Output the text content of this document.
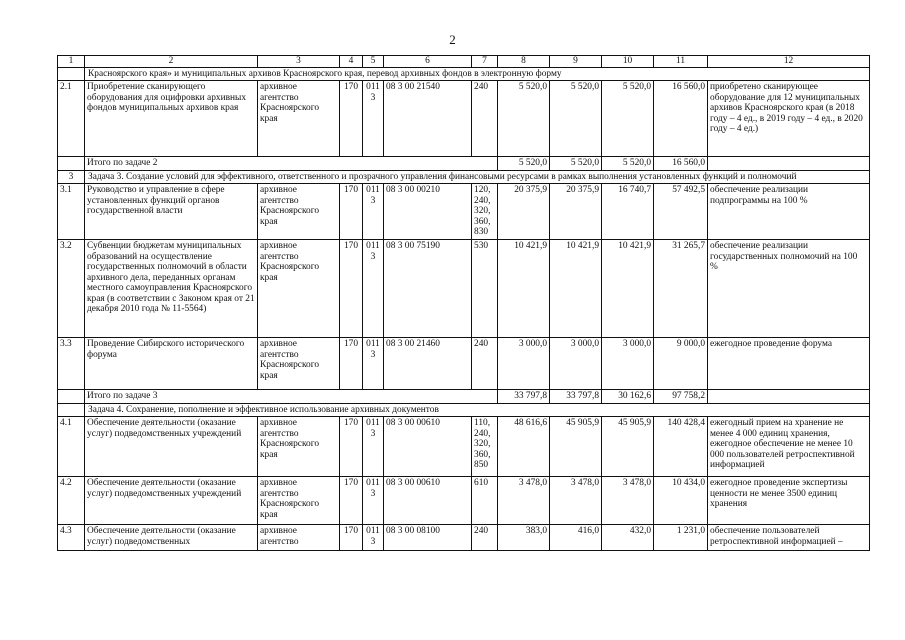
2
1	2	3	4	5	6	7	8	9	10	11	12
	Красноярского края» и муниципальных архивов Красноярского края, перевод архивных фондов в электронную форму										
2.1	Приобретение сканирующего оборудования для оцифровки архивных фондов муниципальных архивов края	архивное агентство Красноярского края	170	0113	08 3 00 21540	240	5 520,0	5 520,0	5 520,0	16 560,0	приобретено сканирующее оборудование для 12 муниципальных архивов Красноярского края (в 2018 году – 4 ед., в 2019 году – 4 ед., в 2020 году – 4 ед.)
	Итого по задаче 2						5 520,0	5 520,0	5 520,0	16 560,0	
3	Задача 3. Создание условий для эффективного, ответственного и прозрачного управления финансовыми ресурсами в рамках выполнения установленных функций и полномочий										
3.1	Руководство и управление в сфере установленных функций органов государственной власти	архивное агентство Красноярского края	170	0113	08 3 00 00210	120, 240, 320, 360, 830	20 375,9	20 375,9	16 740,7	57 492,5	обеспечение реализации подпрограммы на 100 %
3.2	Субвенции бюджетам муниципальных образований на осуществление государственных полномочий в области архивного дела, переданных органам местного самоуправления Красноярского края (в соответствии с Законом края от 21 декабря 2010 года № 11-5564)	архивное агентство Красноярского края	170	0113	08 3 00 75190	530	10 421,9	10 421,9	10 421,9	31 265,7	обеспечение реализации государственных полномочий на 100 %
3.3	Проведение Сибирского исторического форума	архивное агентство Красноярского края	170	0113	08 3 00 21460	240	3 000,0	3 000,0	3 000,0	9 000,0	ежегодное проведение форума
	Итого по задаче 3						33 797,8	33 797,8	30 162,6	97 758,2	
	Задача 4. Сохранение, пополнение и эффективное использование архивных документов										
4.1	Обеспечение деятельности (оказание услуг) подведомственных учреждений	архивное агентство Красноярского края	170	0113	08 3 00 00610	110, 240, 320, 360, 850	48 616,6	45 905,9	45 905,9	140 428,4	ежегодный прием на хранение не менее 4 000 единиц хранения, ежегодное обеспечение не менее 10 000 пользователей ретроспективной информацией
4.2	Обеспечение деятельности (оказание услуг) подведомственных учреждений	архивное агентство Красноярского края	170	0113	08 3 00 00610	610	3 478,0	3 478,0	3 478,0	10 434,0	ежегодное проведение экспертизы ценности не менее 3500 единиц хранения
4.3	Обеспечение деятельности (оказание услуг) подведомственных	архивное агентство	170	0113	08 3 00 08100	240	383,0	416,0	432,0	1 231,0	обеспечение пользователей ретроспективной информацией –
